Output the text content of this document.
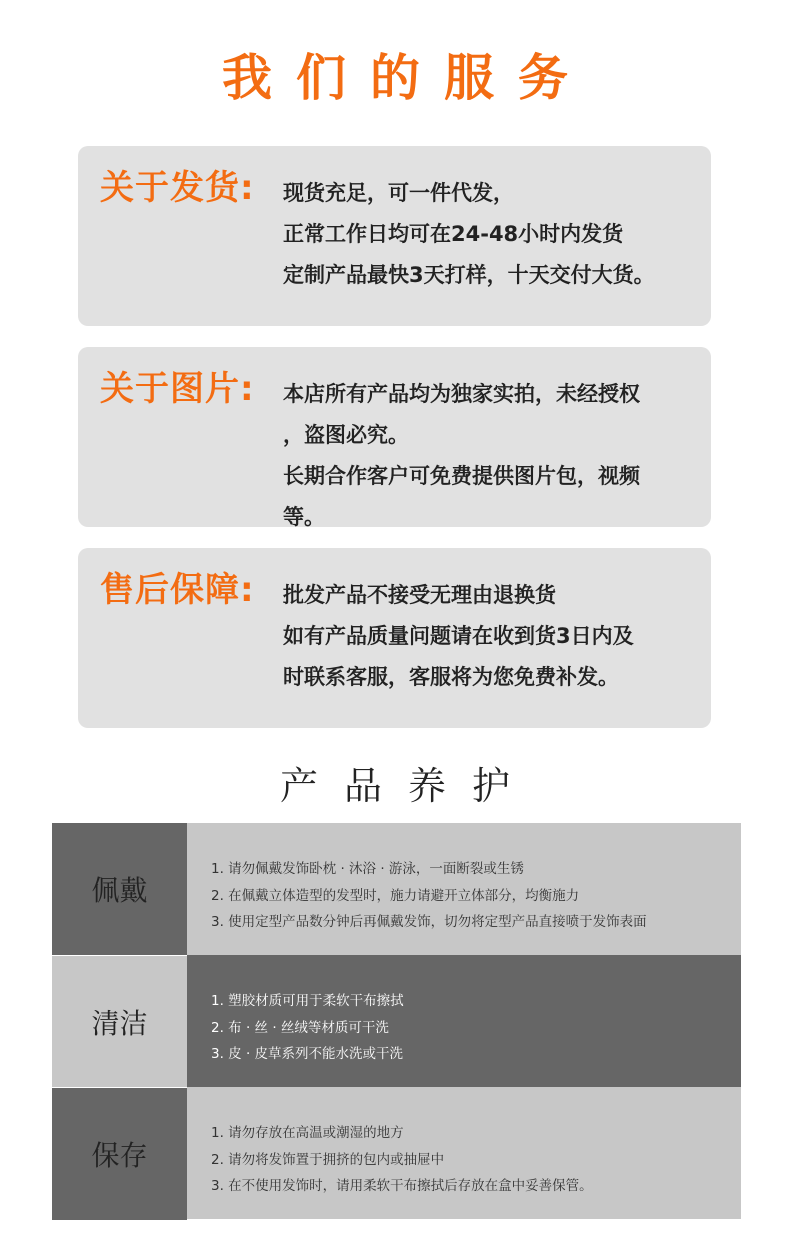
我们的服务
关于发货: 现货充足，可一件代发，
正常工作日均可在24-48小时内发货
定制产品最快3天打样，十天交付大货。
关于图片: 本店所有产品均为独家实拍，未经授权
，盗图必究。
长期合作客户可免费提供图片包，视频
等。
售后保障: 批发产品不接受无理由退换货
如有产品质量问题请在收到货3日内及
时联系客服，客服将为您免费补发。
产品养护
佩戴
1. 请勿佩戴发饰卧枕 · 沐浴 · 游泳，一面断裂或生锈
2. 在佩戴立体造型的发型时，施力请避开立体部分，均衡施力
3. 使用定型产品数分钟后再佩戴发饰，切勿将定型产品直接喷于发饰表面
清洁
1. 塑胶材质可用于柔软干布擦拭
2. 布 · 丝 · 丝绒等材质可干洗
3. 皮 · 皮草系列不能水洗或干洗
保存
1. 请勿存放在高温或潮湿的地方
2. 请勿将发饰置于拥挤的包内或抽屉中
3. 在不使用发饰时，请用柔软干布擦拭后存放在盒中妥善保管。
